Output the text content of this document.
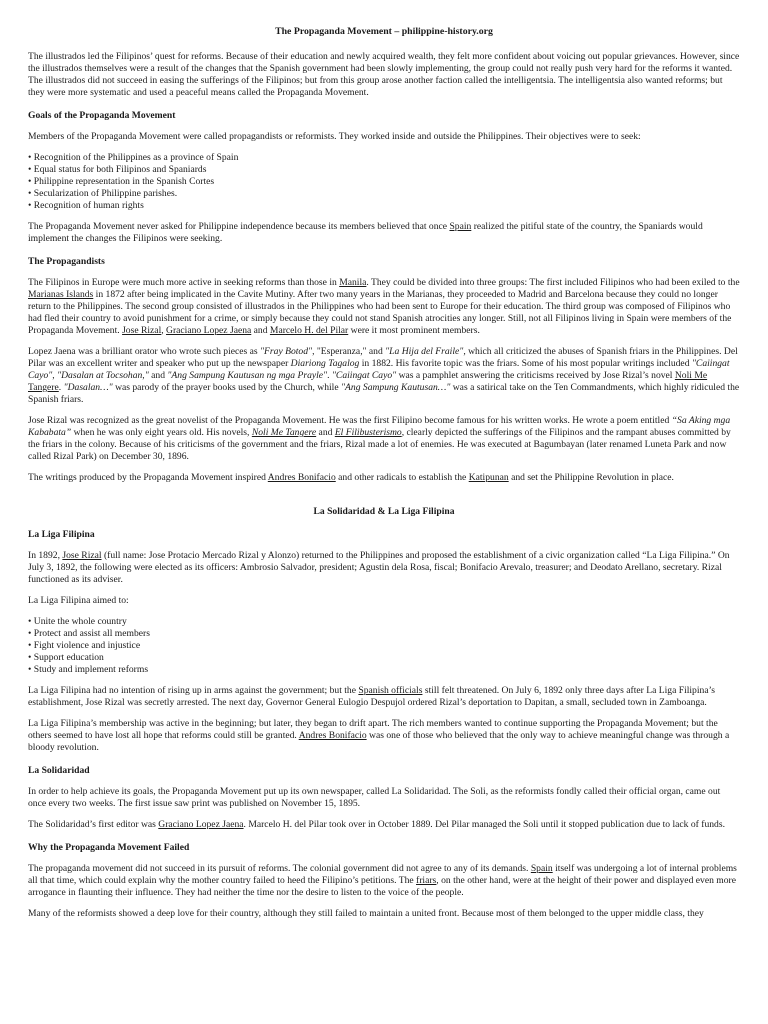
The Propaganda Movement – philippine-history.org

The illustrados led the Filipinos’ quest for reforms. Because of their education and newly acquired wealth, they felt more confident about voicing out popular grievances. However, since the illustrados themselves were a result of the changes that the Spanish government had been slowly implementing, the group could not really push very hard for the reforms it wanted. The illustrados did not succeed in easing the sufferings of the Filipinos; but from this group arose another faction called the intelligentsia. The intelligentsia also wanted reforms; but they were more systematic and used a peaceful means called the Propaganda Movement.

Goals of the Propaganda Movement

Members of the Propaganda Movement were called propagandists or reformists. They worked inside and outside the Philippines. Their objectives were to seek:

• Recognition of the Philippines as a province of Spain
• Equal status for both Filipinos and Spaniards
• Philippine representation in the Spanish Cortes
• Secularization of Philippine parishes.
• Recognition of human rights

The Propaganda Movement never asked for Philippine independence because its members believed that once Spain realized the pitiful state of the country, the Spaniards would implement the changes the Filipinos were seeking.

The Propagandists

The Filipinos in Europe were much more active in seeking reforms than those in Manila. They could be divided into three groups: The first included Filipinos who had been exiled to the Marianas Islands in 1872 after being implicated in the Cavite Mutiny. After two many years in the Marianas, they proceeded to Madrid and Barcelona because they could no longer return to the Philippines. The second group consisted of illustrados in the Philippines who had been sent to Europe for their education. The third group was composed of Filipinos who had fled their country to avoid punishment for a crime, or simply because they could not stand Spanish atrocities any longer. Still, not all Filipinos living in Spain were members of the Propaganda Movement. Jose Rizal, Graciano Lopez Jaena and Marcelo H. del Pilar were it most prominent members.

Lopez Jaena was a brilliant orator who wrote such pieces as "Fray Botod", "Esperanza," and "La Hija del Fraile", which all criticized the abuses of Spanish friars in the Philippines. Del Pilar was an excellent writer and speaker who put up the newspaper Diariong Tagalog in 1882. His favorite topic was the friars. Some of his most popular writings included "Caiingat Cayo", "Dasalan at Tocsohan," and "Ang Sampung Kautusan ng mga Prayle". "Caiingat Cayo" was a pamphlet answering the criticisms received by Jose Rizal’s novel Noli Me Tangere. "Dasalan…" was parody of the prayer books used by the Church, while "Ang Sampung Kautusan…" was a satirical take on the Ten Commandments, which highly ridiculed the Spanish friars.

Jose Rizal was recognized as the great novelist of the Propaganda Movement. He was the first Filipino become famous for his written works. He wrote a poem entitled “Sa Aking mga Kababata” when he was only eight years old. His novels, Noli Me Tangere and El Filibusterismo, clearly depicted the sufferings of the Filipinos and the rampant abuses committed by the friars in the colony. Because of his criticisms of the government and the friars, Rizal made a lot of enemies. He was executed at Bagumbayan (later renamed Luneta Park and now called Rizal Park) on December 30, 1896.

The writings produced by the Propaganda Movement inspired Andres Bonifacio and other radicals to establish the Katipunan and set the Philippine Revolution in place.

La Solidaridad & La Liga Filipina
La Liga Filipina

In 1892, Jose Rizal (full name: Jose Protacio Mercado Rizal y Alonzo) returned to the Philippines and proposed the establishment of a civic organization called “La Liga Filipina.” On July 3, 1892, the following were elected as its officers: Ambrosio Salvador, president; Agustin dela Rosa, fiscal; Bonifacio Arevalo, treasurer; and Deodato Arellano, secretary. Rizal functioned as its adviser.

La Liga Filipina aimed to:

• Unite the whole country
• Protect and assist all members
• Fight violence and injustice
• Support education
• Study and implement reforms

La Liga Filipina had no intention of rising up in arms against the government; but the Spanish officials still felt threatened. On July 6, 1892 only three days after La Liga Filipina’s establishment, Jose Rizal was secretly arrested. The next day, Governor General Eulogio Despujol ordered Rizal’s deportation to Dapitan, a small, secluded town in Zamboanga.

La Liga Filipina’s membership was active in the beginning; but later, they began to drift apart. The rich members wanted to continue supporting the Propaganda Movement; but the others seemed to have lost all hope that reforms could still be granted. Andres Bonifacio was one of those who believed that the only way to achieve meaningful change was through a bloody revolution.

La Solidaridad

In order to help achieve its goals, the Propaganda Movement put up its own newspaper, called La Solidaridad. The Soli, as the reformists fondly called their official organ, came out once every two weeks. The first issue saw print was published on November 15, 1895.

The Solidaridad’s first editor was Graciano Lopez Jaena. Marcelo H. del Pilar took over in October 1889. Del Pilar managed the Soli until it stopped publication due to lack of funds.

Why the Propaganda Movement Failed

The propaganda movement did not succeed in its pursuit of reforms. The colonial government did not agree to any of its demands. Spain itself was undergoing a lot of internal problems all that time, which could explain why the mother country failed to heed the Filipino’s petitions. The friars, on the other hand, were at the height of their power and displayed even more arrogance in flaunting their influence. They had neither the time nor the desire to listen to the voice of the people.

Many of the reformists showed a deep love for their country, although they still failed to maintain a united front. Because most of them belonged to the upper middle class, they
